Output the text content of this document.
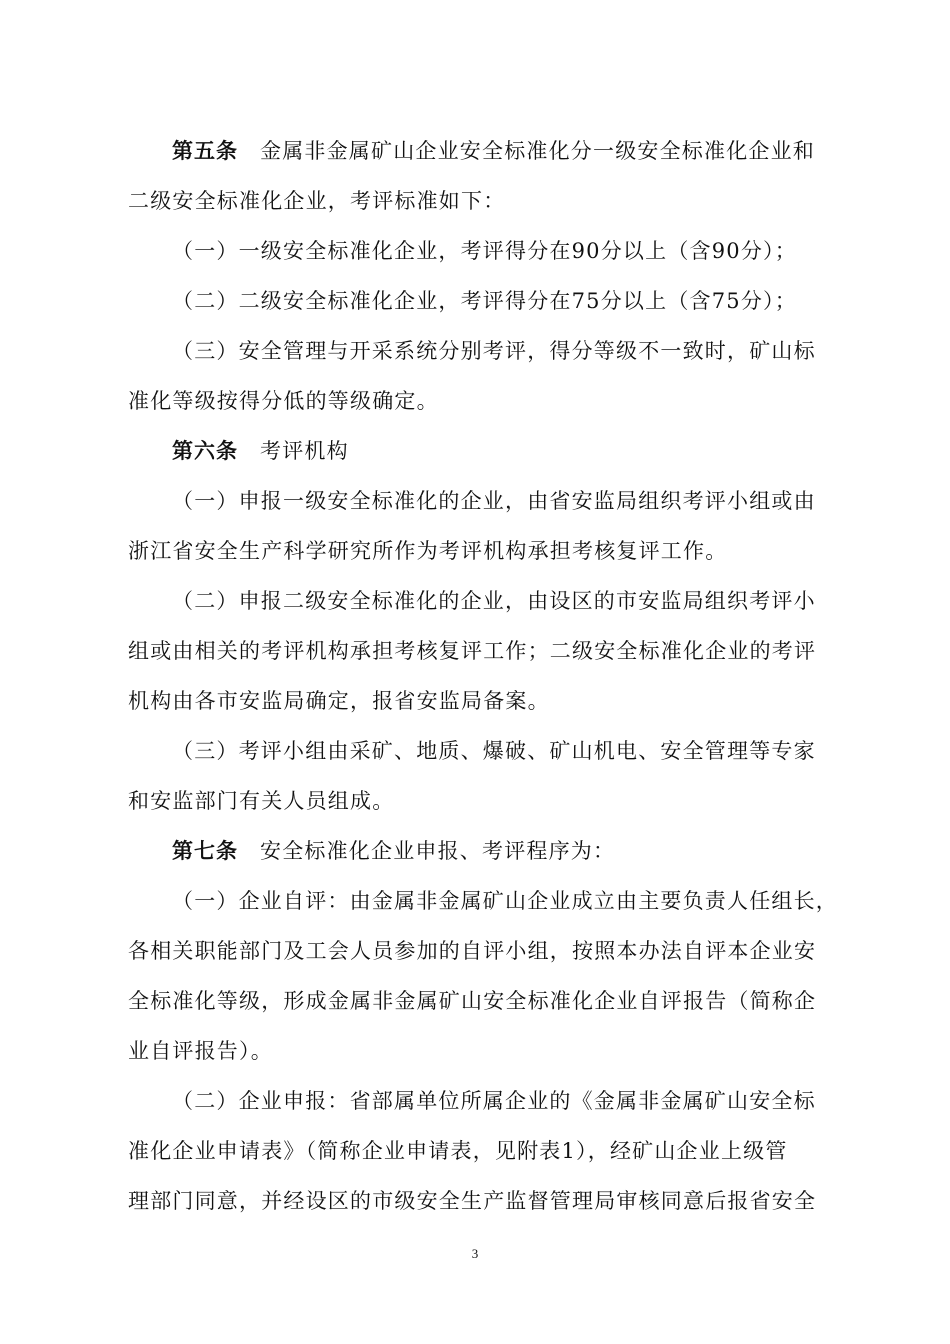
第五条 金属非金属矿山企业安全标准化分一级安全标准化企业和
二级安全标准化企业，考评标准如下：
（一）一级安全标准化企业，考评得分在90分以上（含90分）；
（二）二级安全标准化企业，考评得分在75分以上（含75分）；
（三）安全管理与开采系统分别考评，得分等级不一致时，矿山标
准化等级按得分低的等级确定。
第六条 考评机构
（一）申报一级安全标准化的企业，由省安监局组织考评小组或由
浙江省安全生产科学研究所作为考评机构承担考核复评工作。
（二）申报二级安全标准化的企业，由设区的市安监局组织考评小
组或由相关的考评机构承担考核复评工作；二级安全标准化企业的考评
机构由各市安监局确定，报省安监局备案。
（三）考评小组由采矿、地质、爆破、矿山机电、安全管理等专家
和安监部门有关人员组成。
第七条 安全标准化企业申报、考评程序为：
（一）企业自评：由金属非金属矿山企业成立由主要负责人任组长，
各相关职能部门及工会人员参加的自评小组，按照本办法自评本企业安
全标准化等级，形成金属非金属矿山安全标准化企业自评报告（简称企
业自评报告）。
（二）企业申报：省部属单位所属企业的《金属非金属矿山安全标
准化企业申请表》（简称企业申请表，见附表1），经矿山企业上级管
理部门同意，并经设区的市级安全生产监督管理局审核同意后报省安全
3
